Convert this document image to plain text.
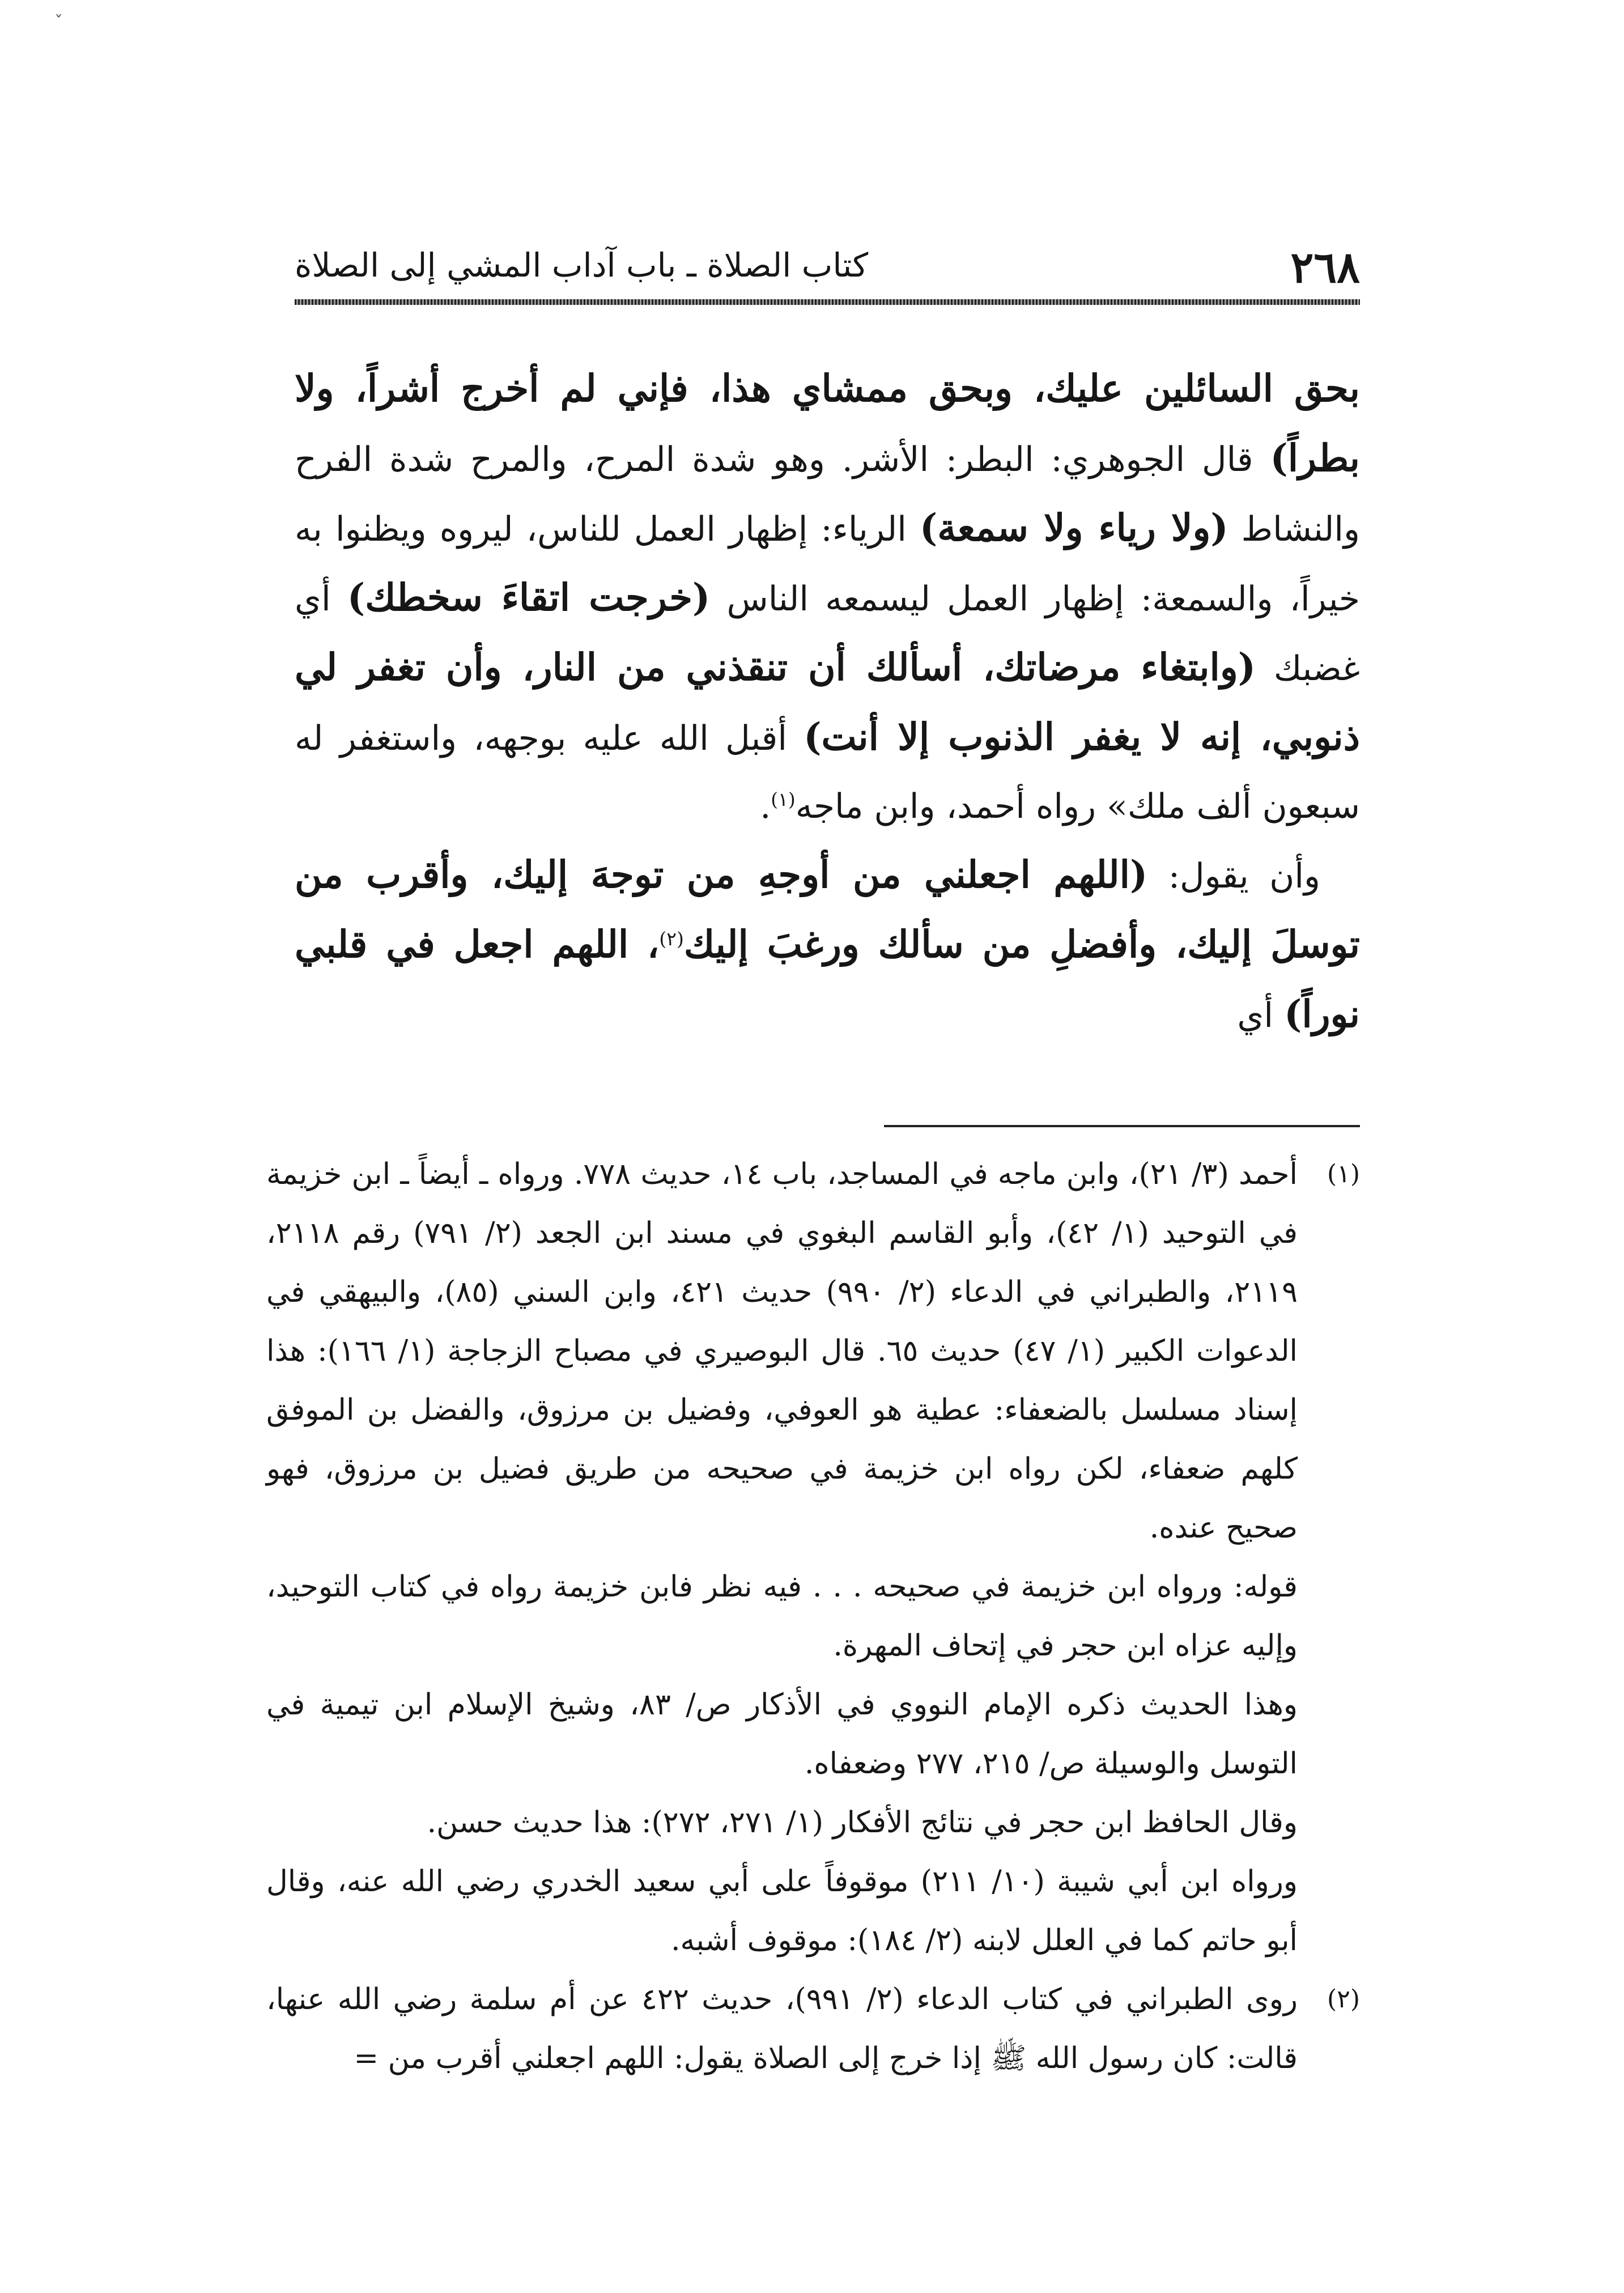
ˇ
٢٦٨
كتاب الصلاة ـ باب آداب المشي إلى الصلاة

بحق السائلين عليك، وبحق ممشاي هذا، فإني لم أخرج أشراً، ولا بطراً) قال الجوهري: البطر: الأشر. وهو شدة المرح، والمرح شدة الفرح والنشاط (ولا رياء ولا سمعة) الرياء: إظهار العمل للناس، ليروه ويظنوا به خيراً، والسمعة: إظهار العمل ليسمعه الناس (خرجت اتقاءَ سخطك) أي غضبك (وابتغاء مرضاتك، أسألك أن تنقذني من النار، وأن تغفر لي ذنوبي، إنه لا يغفر الذنوب إلا أنت) أقبل الله عليه بوجهه، واستغفر له سبعون ألف ملك» رواه أحمد، وابن ماجه$^{(١)}$.

وأن يقول: (اللهم اجعلني من أوجهِ من توجهَ إليك، وأقرب من توسلَ إليك، وأفضلِ من سألك ورغبَ إليك$^{(٢)}$، اللهم اجعل في قلبي نوراً) أي

(١)

أحمد (٣/ ٢١)، وابن ماجه في المساجد، باب ١٤، حديث ٧٧٨. ورواه ـ أيضاً ـ ابن خزيمة في التوحيد (١/ ٤٢)، وأبو القاسم البغوي في مسند ابن الجعد (٢/ ٧٩١) رقم ٢١١٨، ٢١١٩، والطبراني في الدعاء (٢/ ٩٩٠) حديث ٤٢١، وابن السني (٨٥)، والبيهقي في الدعوات الكبير (١/ ٤٧) حديث ٦٥. قال البوصيري في مصباح الزجاجة (١/ ١٦٦): هذا إسناد مسلسل بالضعفاء: عطية هو العوفي، وفضيل بن مرزوق، والفضل بن الموفق كلهم ضعفاء، لكن رواه ابن خزيمة في صحيحه من طريق فضيل بن مرزوق، فهو صحيح عنده.

قوله: ورواه ابن خزيمة في صحيحه . . . فيه نظر فابن خزيمة رواه في كتاب التوحيد، وإليه عزاه ابن حجر في إتحاف المهرة.

وهذا الحديث ذكره الإمام النووي في الأذكار ص/ ٨٣، وشيخ الإسلام ابن تيمية في التوسل والوسيلة ص/ ٢١٥، ٢٧٧ وضعفاه.

وقال الحافظ ابن حجر في نتائج الأفكار (١/ ٢٧١، ٢٧٢): هذا حديث حسن.

ورواه ابن أبي شيبة (١٠/ ٢١١) موقوفاً على أبي سعيد الخدري رضي الله عنه، وقال أبو حاتم كما في العلل لابنه (٢/ ١٨٤): موقوف أشبه.

(٢)

روى الطبراني في كتاب الدعاء (٢/ ٩٩١)، حديث ٤٢٢ عن أم سلمة رضي الله عنها، قالت: كان رسول الله ﷺ إذا خرج إلى الصلاة يقول: اللهم اجعلني أقرب من =
